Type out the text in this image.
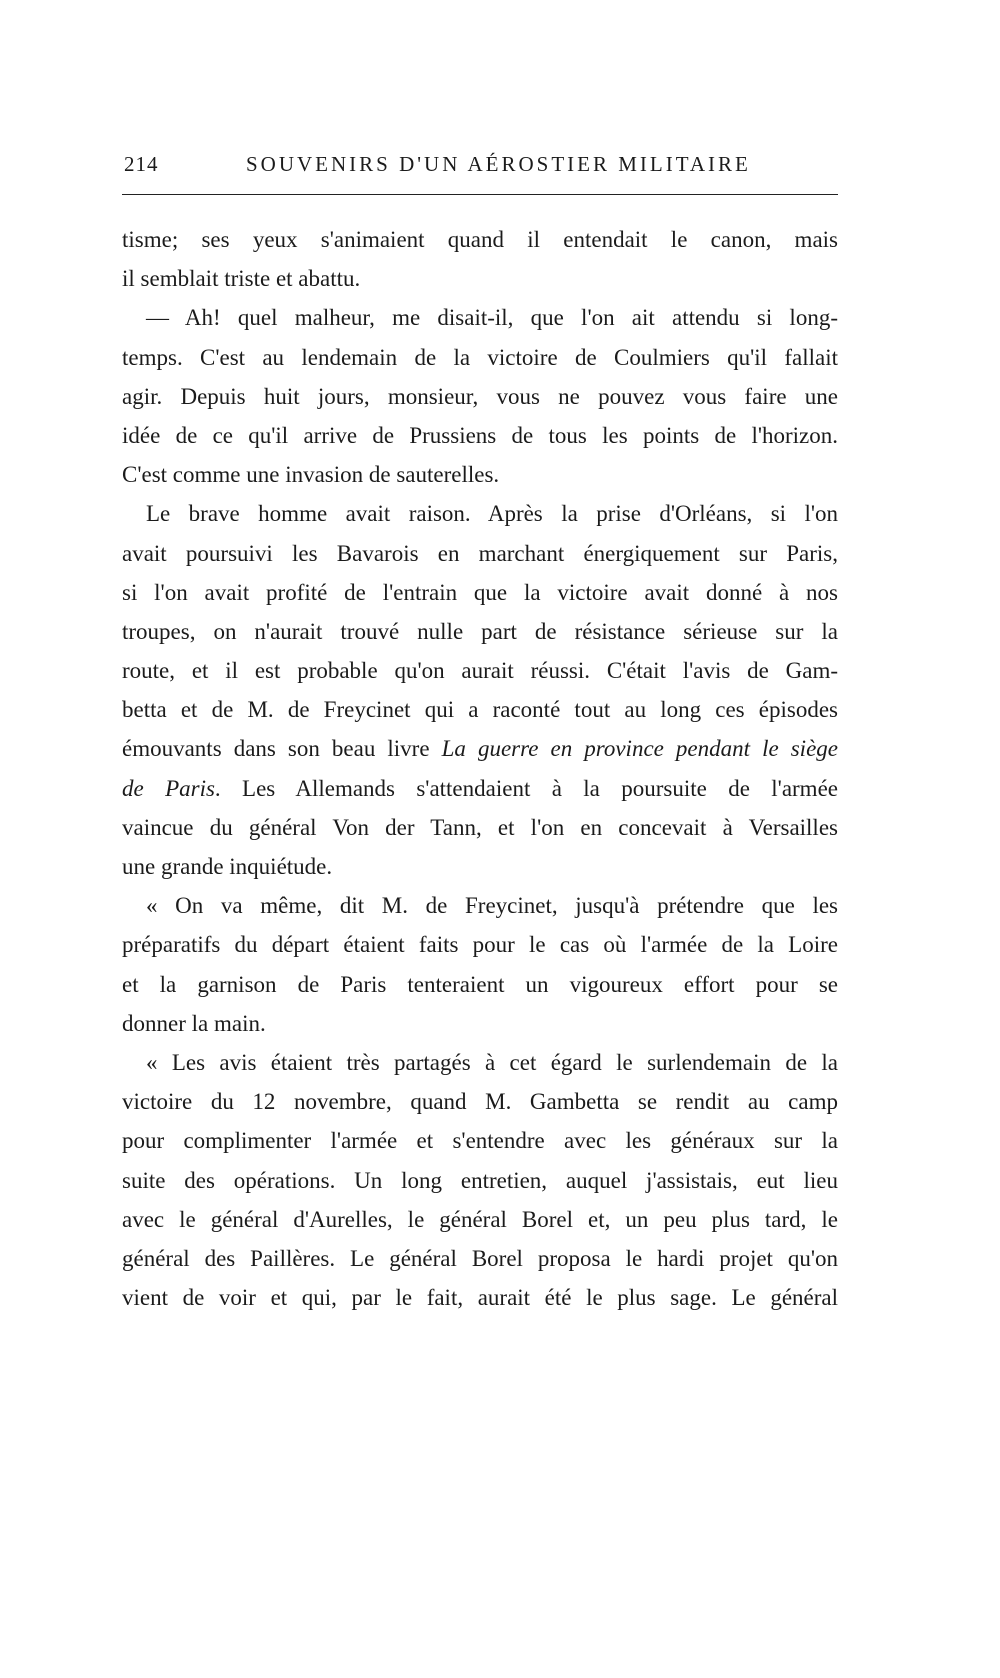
214	SOUVENIRS D'UN AÉROSTIER MILITAIRE
tisme; ses yeux s'animaient quand il entendait le canon, mais
il semblait triste et abattu.
— Ah! quel malheur, me disait-il, que l'on ait attendu si long-
temps. C'est au lendemain de la victoire de Coulmiers qu'il fallait
agir. Depuis huit jours, monsieur, vous ne pouvez vous faire une
idée de ce qu'il arrive de Prussiens de tous les points de l'horizon.
C'est comme une invasion de sauterelles.
Le brave homme avait raison. Après la prise d'Orléans, si l'on
avait poursuivi les Bavarois en marchant énergiquement sur Paris,
si l'on avait profité de l'entrain que la victoire avait donné à nos
troupes, on n'aurait trouvé nulle part de résistance sérieuse sur la
route, et il est probable qu'on aurait réussi. C'était l'avis de Gam-
betta et de M. de Freycinet qui a raconté tout au long ces épisodes
émouvants dans son beau livre La guerre en province pendant le siège
de Paris. Les Allemands s'attendaient à la poursuite de l'armée
vaincue du général Von der Tann, et l'on en concevait à Versailles
une grande inquiétude.
« On va même, dit M. de Freycinet, jusqu'à prétendre que les
préparatifs du départ étaient faits pour le cas où l'armée de la Loire
et la garnison de Paris tenteraient un vigoureux effort pour se
donner la main.
« Les avis étaient très partagés à cet égard le surlendemain de la
victoire du 12 novembre, quand M. Gambetta se rendit au camp
pour complimenter l'armée et s'entendre avec les généraux sur la
suite des opérations. Un long entretien, auquel j'assistais, eut lieu
avec le général d'Aurelles, le général Borel et, un peu plus tard, le
général des Paillères. Le général Borel proposa le hardi projet qu'on
vient de voir et qui, par le fait, aurait été le plus sage. Le général
